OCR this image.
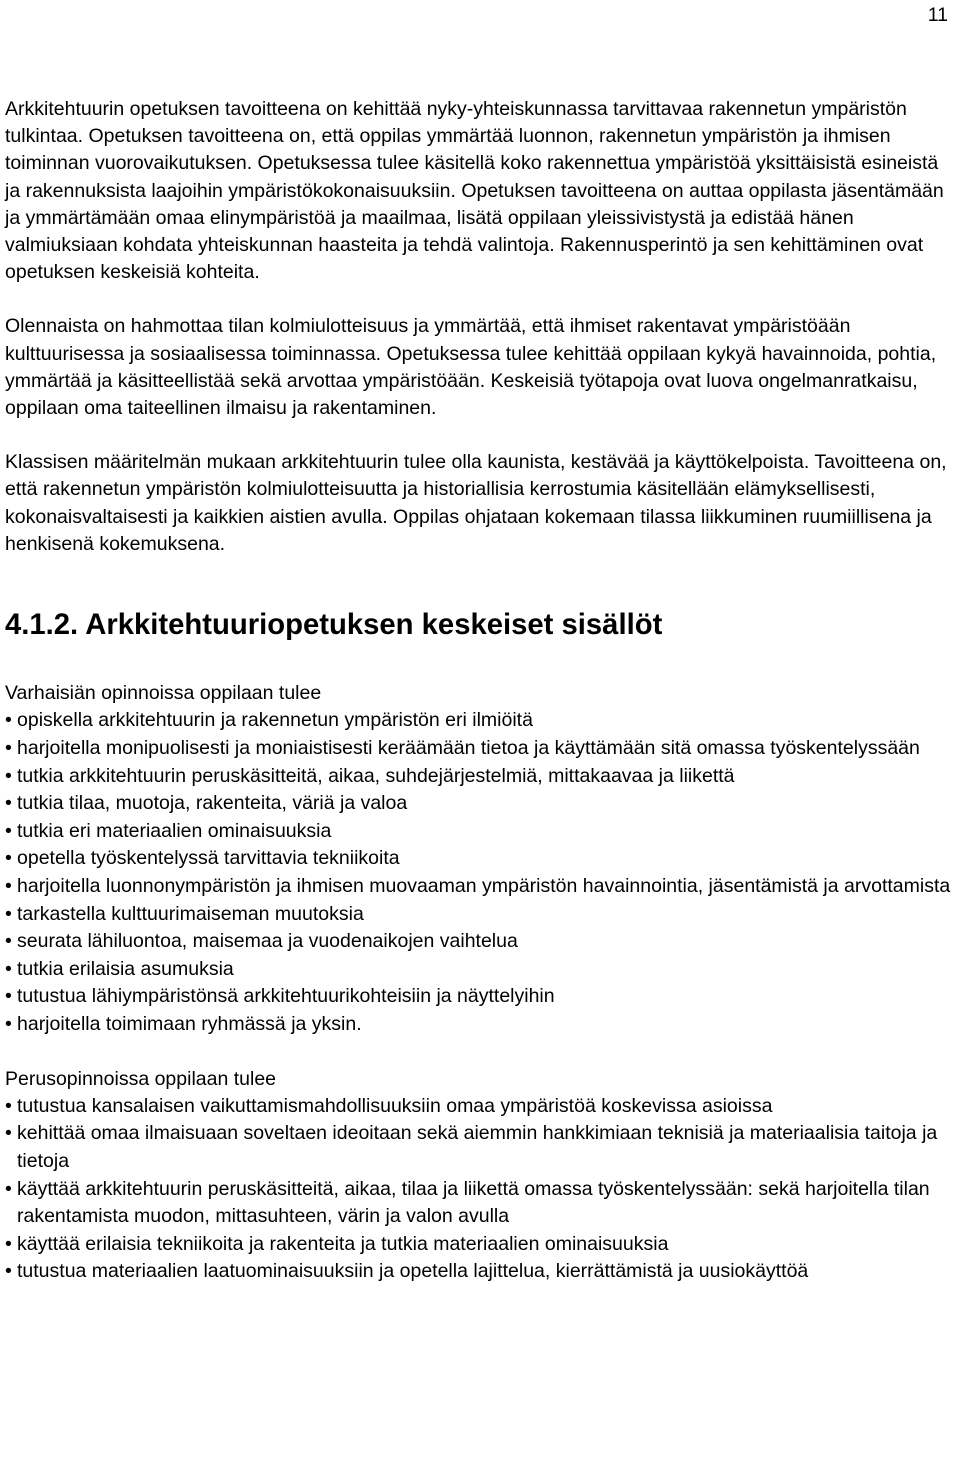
11

Arkkitehtuurin opetuksen tavoitteena on kehittää nyky-yhteiskunnassa tarvittavaa rakennetun ympäristön tulkintaa. Opetuksen tavoitteena on, että oppilas ymmärtää luonnon, rakennetun ympäristön ja ihmisen toiminnan vuorovaikutuksen. Opetuksessa tulee käsitellä koko rakennettua ympäristöä yksittäisistä esineistä ja rakennuksista laajoihin ympäristökokonaisuuksiin. Opetuksen tavoitteena on auttaa oppilasta jäsentämään ja ymmärtämään omaa elinympäristöä ja maailmaa, lisätä oppilaan yleissivistystä ja edistää hänen valmiuksiaan kohdata yhteiskunnan haasteita ja tehdä valintoja. Rakennusperintö ja sen kehittäminen ovat opetuksen keskeisiä kohteita.

Olennaista on hahmottaa tilan kolmiulotteisuus ja ymmärtää, että ihmiset rakentavat ympäristöään kulttuurisessa ja sosiaalisessa toiminnassa. Opetuksessa tulee kehittää oppilaan kykyä havainnoida, pohtia, ymmärtää ja käsitteellistää sekä arvottaa ympäristöään. Keskeisiä työtapoja ovat luova ongelmanratkaisu, oppilaan oma taiteellinen ilmaisu ja rakentaminen.

Klassisen määritelmän mukaan arkkitehtuurin tulee olla kaunista, kestävää ja käyttökelpoista. Tavoitteena on, että rakennetun ympäristön kolmiulotteisuutta ja historiallisia kerrostumia käsitellään elämyksellisesti, kokonaisvaltaisesti ja kaikkien aistien avulla. Oppilas ohjataan kokemaan tilassa liikkuminen ruumiillisena ja henkisenä kokemuksena.

4.1.2. Arkkitehtuuriopetuksen keskeiset sisällöt

Varhaisiän opinnoissa oppilaan tulee

• opiskella arkkitehtuurin ja rakennetun ympäristön eri ilmiöitä
• harjoitella monipuolisesti ja moniaistisesti keräämään tietoa ja käyttämään sitä omassa työskentelyssään
• tutkia arkkitehtuurin peruskäsitteitä, aikaa, suhdejärjestelmiä, mittakaavaa ja liikettä
• tutkia tilaa, muotoja, rakenteita, väriä ja valoa
• tutkia eri materiaalien ominaisuuksia
• opetella työskentelyssä tarvittavia tekniikoita
• harjoitella luonnonympäristön ja ihmisen muovaaman ympäristön havainnointia, jäsentämistä ja arvottamista
• tarkastella kulttuurimaiseman muutoksia
• seurata lähiluontoa, maisemaa ja vuodenaikojen vaihtelua
• tutkia erilaisia asumuksia
• tutustua lähiympäristönsä arkkitehtuurikohteisiin ja näyttelyihin
• harjoitella toimimaan ryhmässä ja yksin.

Perusopinnoissa oppilaan tulee

• tutustua kansalaisen vaikuttamismahdollisuuksiin omaa ympäristöä koskevissa asioissa
• kehittää omaa ilmaisuaan soveltaen ideoitaan sekä aiemmin hankkimiaan teknisiä ja materiaalisia taitoja ja tietoja
• käyttää arkkitehtuurin peruskäsitteitä, aikaa, tilaa ja liikettä omassa työskentelyssään: sekä harjoitella tilan rakentamista muodon, mittasuhteen, värin ja valon avulla
• käyttää erilaisia tekniikoita ja rakenteita ja tutkia materiaalien ominaisuuksia
• tutustua materiaalien laatuominaisuuksiin ja opetella lajittelua, kierrättämistä ja uusiokäyttöä
